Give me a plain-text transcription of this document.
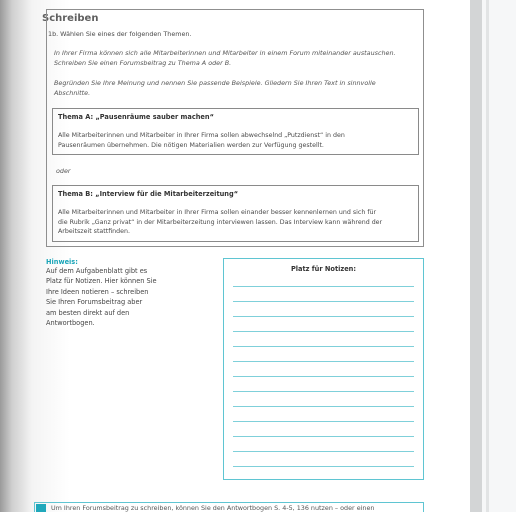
Schreiben
1b. Wählen Sie eines der folgenden Themen.
In Ihrer Firma können sich alle Mitarbeiterinnen und Mitarbeiter in einem Forum miteinander austauschen.
Schreiben Sie einen Forumsbeitrag zu Thema A oder B.
Begründen Sie Ihre Meinung und nennen Sie passende Beispiele. Gliedern Sie Ihren Text in sinnvolle
Abschnitte.
Thema A: „Pausenräume sauber machen“
Alle Mitarbeiterinnen und Mitarbeiter in Ihrer Firma sollen abwechselnd „Putzdienst“ in den
Pausenräumen übernehmen. Die nötigen Materialien werden zur Verfügung gestellt.
oder
Thema B: „Interview für die Mitarbeiterzeitung“
Alle Mitarbeiterinnen und Mitarbeiter in Ihrer Firma sollen einander besser kennenlernen und sich für
die Rubrik „Ganz privat“ in der Mitarbeiterzeitung interviewen lassen. Das Interview kann während der
Arbeitszeit stattfinden.
Hinweis:
Auf dem Aufgabenblatt gibt es
Platz für Notizen. Hier können Sie
Ihre Ideen notieren – schreiben
Sie Ihren Forumsbeitrag aber
am besten direkt auf den
Antwortbogen.
Platz für Notizen:
Um Ihren Forumsbeitrag zu schreiben, können Sie den Antwortbogen S. 4-5, 136 nutzen – oder einen
